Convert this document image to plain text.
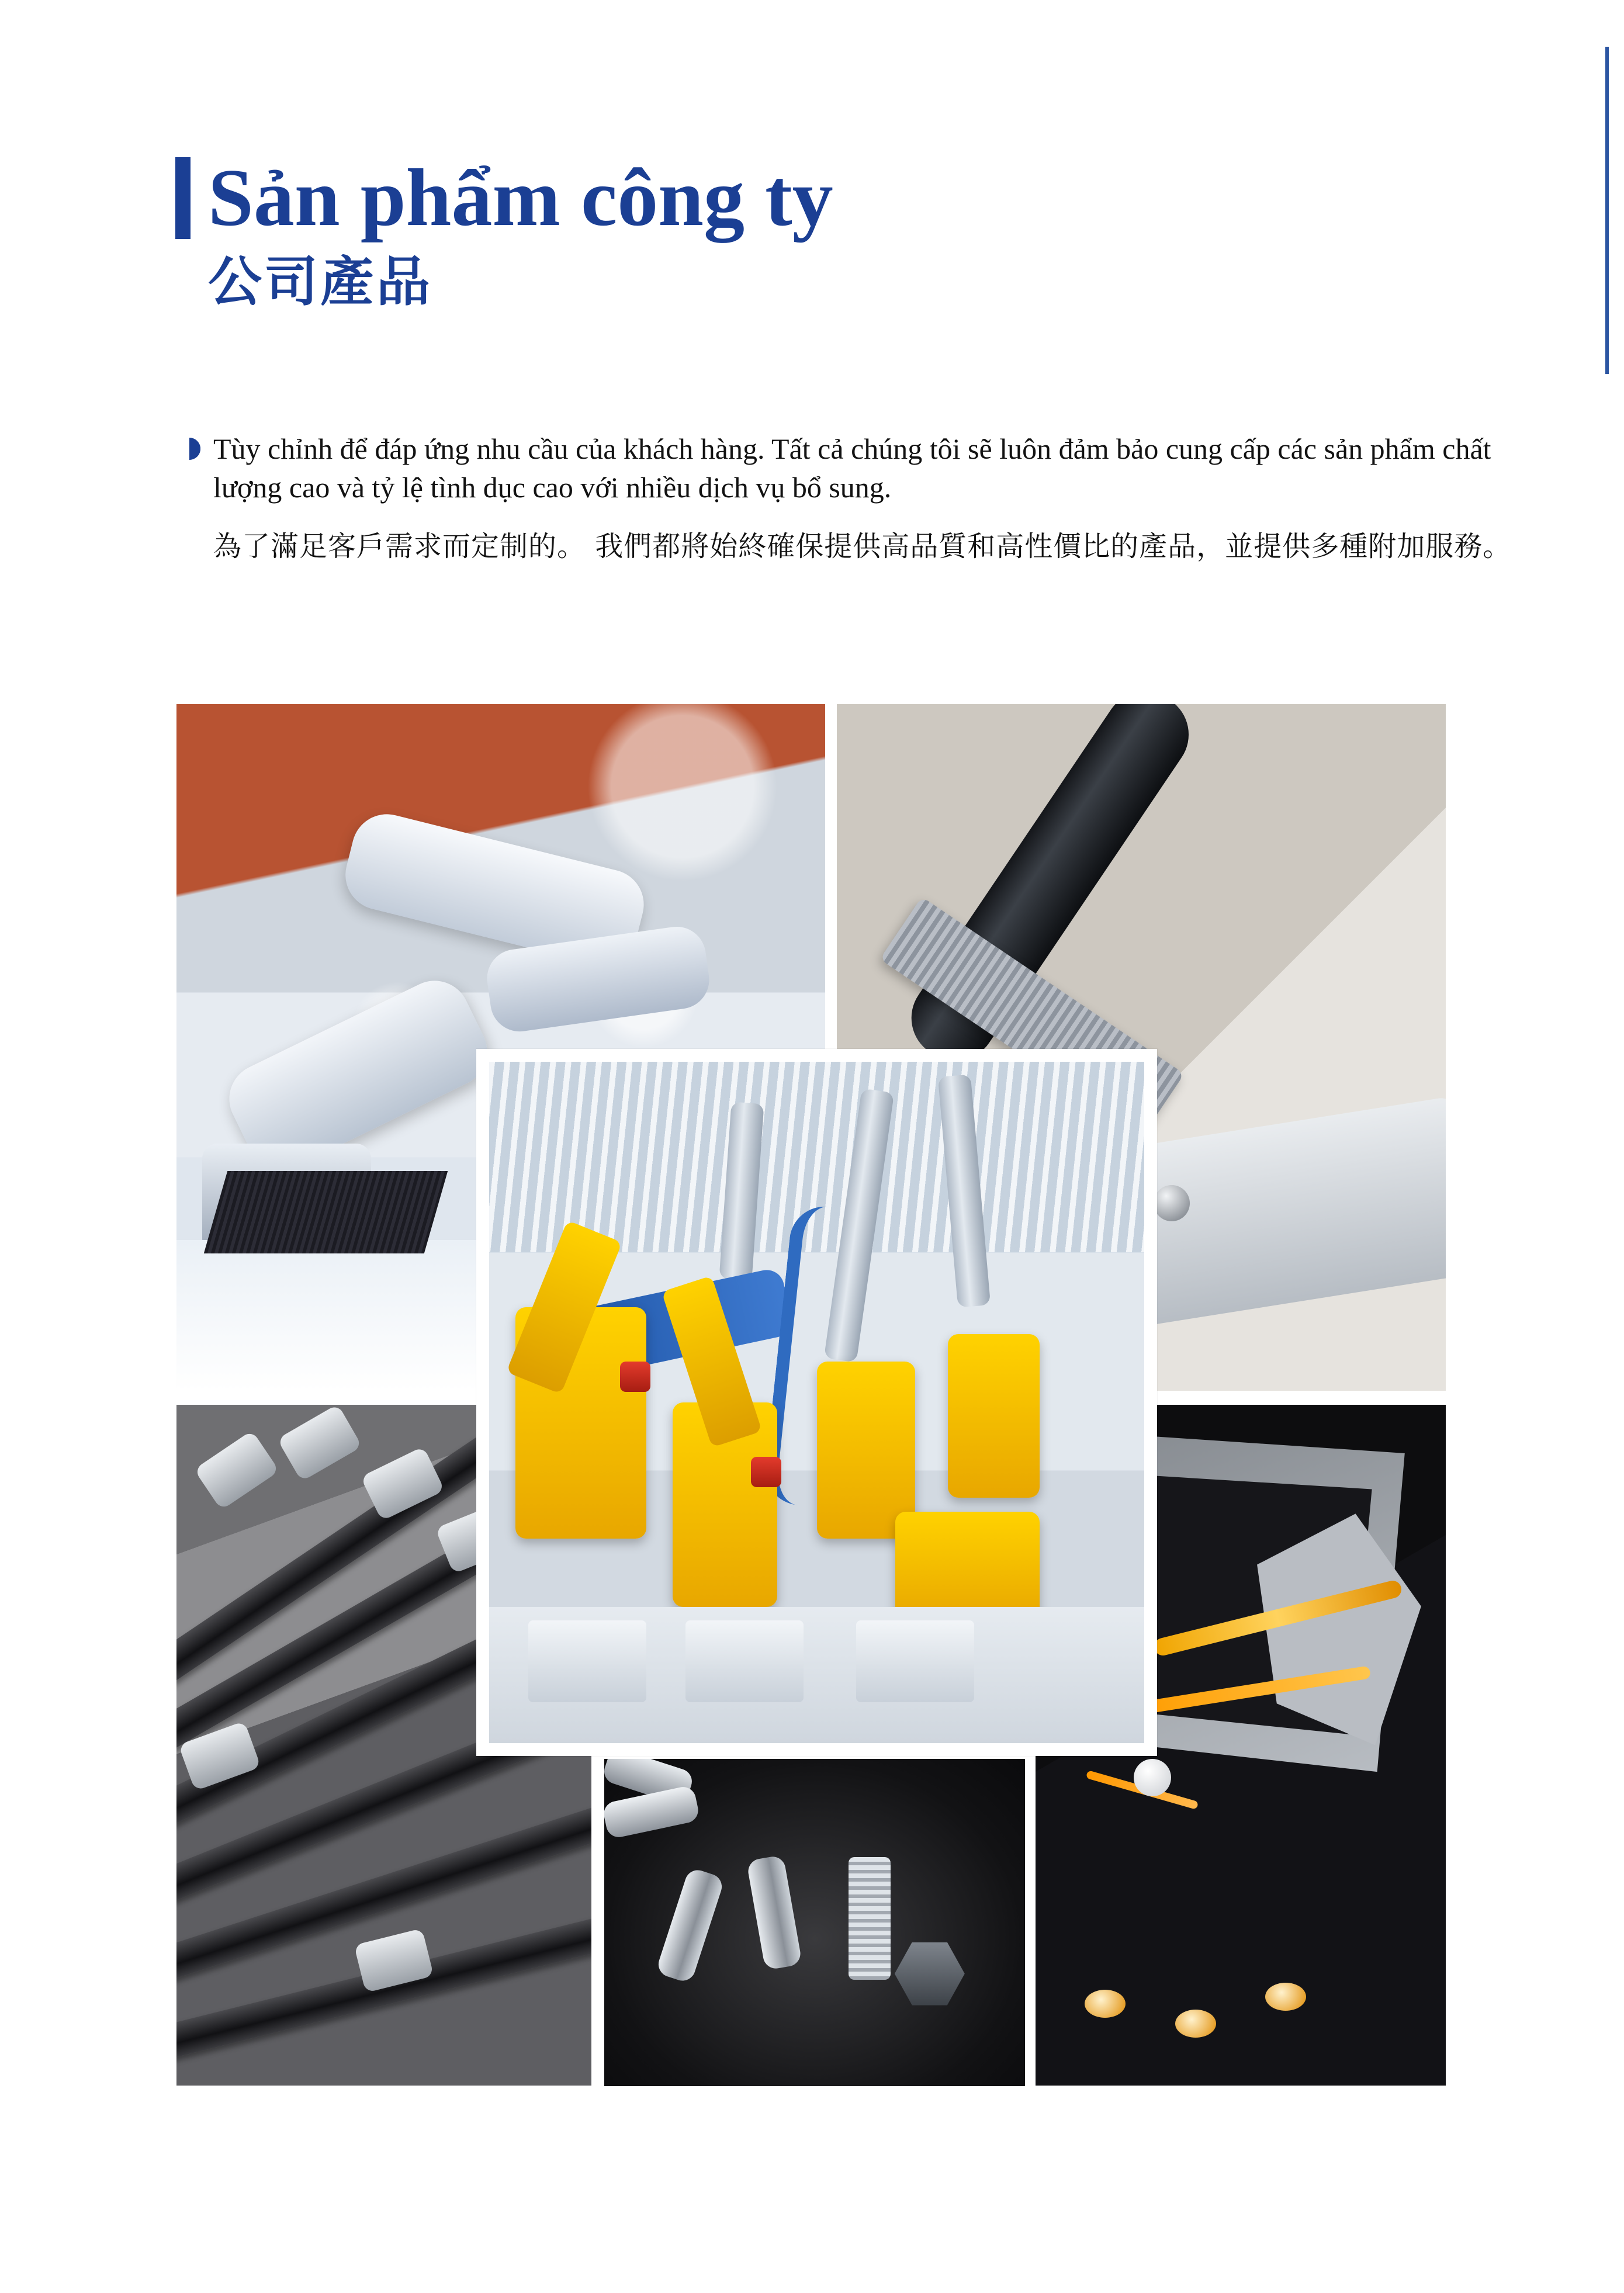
Sản phẩm công ty
公司產品
Tùy chỉnh để đáp ứng nhu cầu của khách hàng. Tất cả chúng tôi sẽ luôn đảm bảo cung cấp các sản phẩm chất lượng cao và tỷ lệ tình dục cao với nhiều dịch vụ bổ sung.
為了滿足客戶需求而定制的。 我們都將始終確保提供高品質和高性價比的產品，並提供多種附加服務。
